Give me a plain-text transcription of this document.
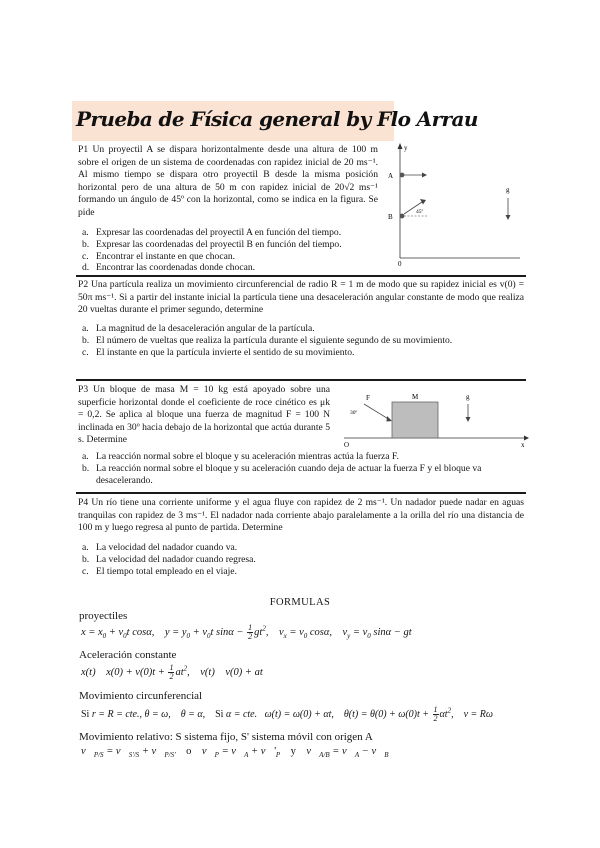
Prueba de Física general by Flo Arrau
P1 Un proyectil A se dispara horizontalmente desde una altura de 100 m sobre el origen de un sistema de coordenadas con rapidez inicial de 20 ms⁻¹. Al mismo tiempo se dispara otro proyectil B desde la misma posición horizontal pero de una altura de 50 m con rapidez inicial de 20√2 ms⁻¹ formando un ángulo de 45º con la horizontal, como se indica en la figura. Se pide
a. Expresar las coordenadas del proyectil A en función del tiempo.
b. Expresar las coordenadas del proyectil B en función del tiempo.
c. Encontrar el instante en que chocan.
d. Encontrar las coordenadas donde chocan.
y
A
B
45º
g
0
P2 Una partícula realiza un movimiento circunferencial de radio R = 1 m de modo que su rapidez inicial es v(0) = 50π ms⁻¹. Si a partir del instante inicial la partícula tiene una desaceleración angular constante de modo que realiza 20 vueltas durante el primer segundo, determine
a. La magnitud de la desaceleración angular de la partícula.
b. El número de vueltas que realiza la partícula durante el siguiente segundo de su movimiento.
c. El instante en que la partícula invierte el sentido de su movimiento.
P3 Un bloque de masa M = 10 kg está apoyado sobre una superficie horizontal donde el coeficiente de roce cinético es μk = 0,2. Se aplica al bloque una fuerza de magnitud F = 100 N inclinada en 30º hacia debajo de la horizontal que actúa durante 5 s. Determine
a. La reacción normal sobre el bloque y su aceleración mientras actúa la fuerza F.
b. La reacción normal sobre el bloque y su aceleración cuando deja de actuar la fuerza F y el bloque va desacelerando.
O	x
M
F
30º
g
P4 Un río tiene una corriente uniforme y el agua fluye con rapidez de 2 ms⁻¹. Un nadador puede nadar en aguas tranquilas con rapidez de 3 ms⁻¹. El nadador nada corriente abajo paralelamente a la orilla del río una distancia de 100 m y luego regresa al punto de partida. Determine
a. La velocidad del nadador cuando va.
b. La velocidad del nadador cuando regresa.
c. El tiempo total empleado en el viaje.
FORMULAS
proyectiles
$x = x_0 + v_0t$ cosα,    $y = y_0 + v_0t$ $\sin\alpha - \frac{1}{2} gt^2$,    $v_x = v_0$ cosα,    $v_y = v_0$ sinα − gt
Aceleración constante
x(t)    $x(0) + v(0)t + \frac{1}{2} at^2$,    v(t)    v(0) + at
Movimiento circunferencial
Si r = R = cte., θ = ω,    θ = α,    Si α = cte.   ω(t) = ω(0) + αt,    $\theta(t) = \theta(0) + \omega(0)t + \frac{1}{2} \alpha t^2$,    v = Rω
Movimiento relativo: S sistema fijo, S' sistema móvil con origen A
$v⃗_{P/S}$ = $v⃗_{S'/S}$ + $v⃗_{P/S'}$ o    $v⃗_P$ = $v⃗_A$ + $v⃗'_P$ y    $v⃗_{A/B}$ = $v⃗_A$ − $v⃗_B$
